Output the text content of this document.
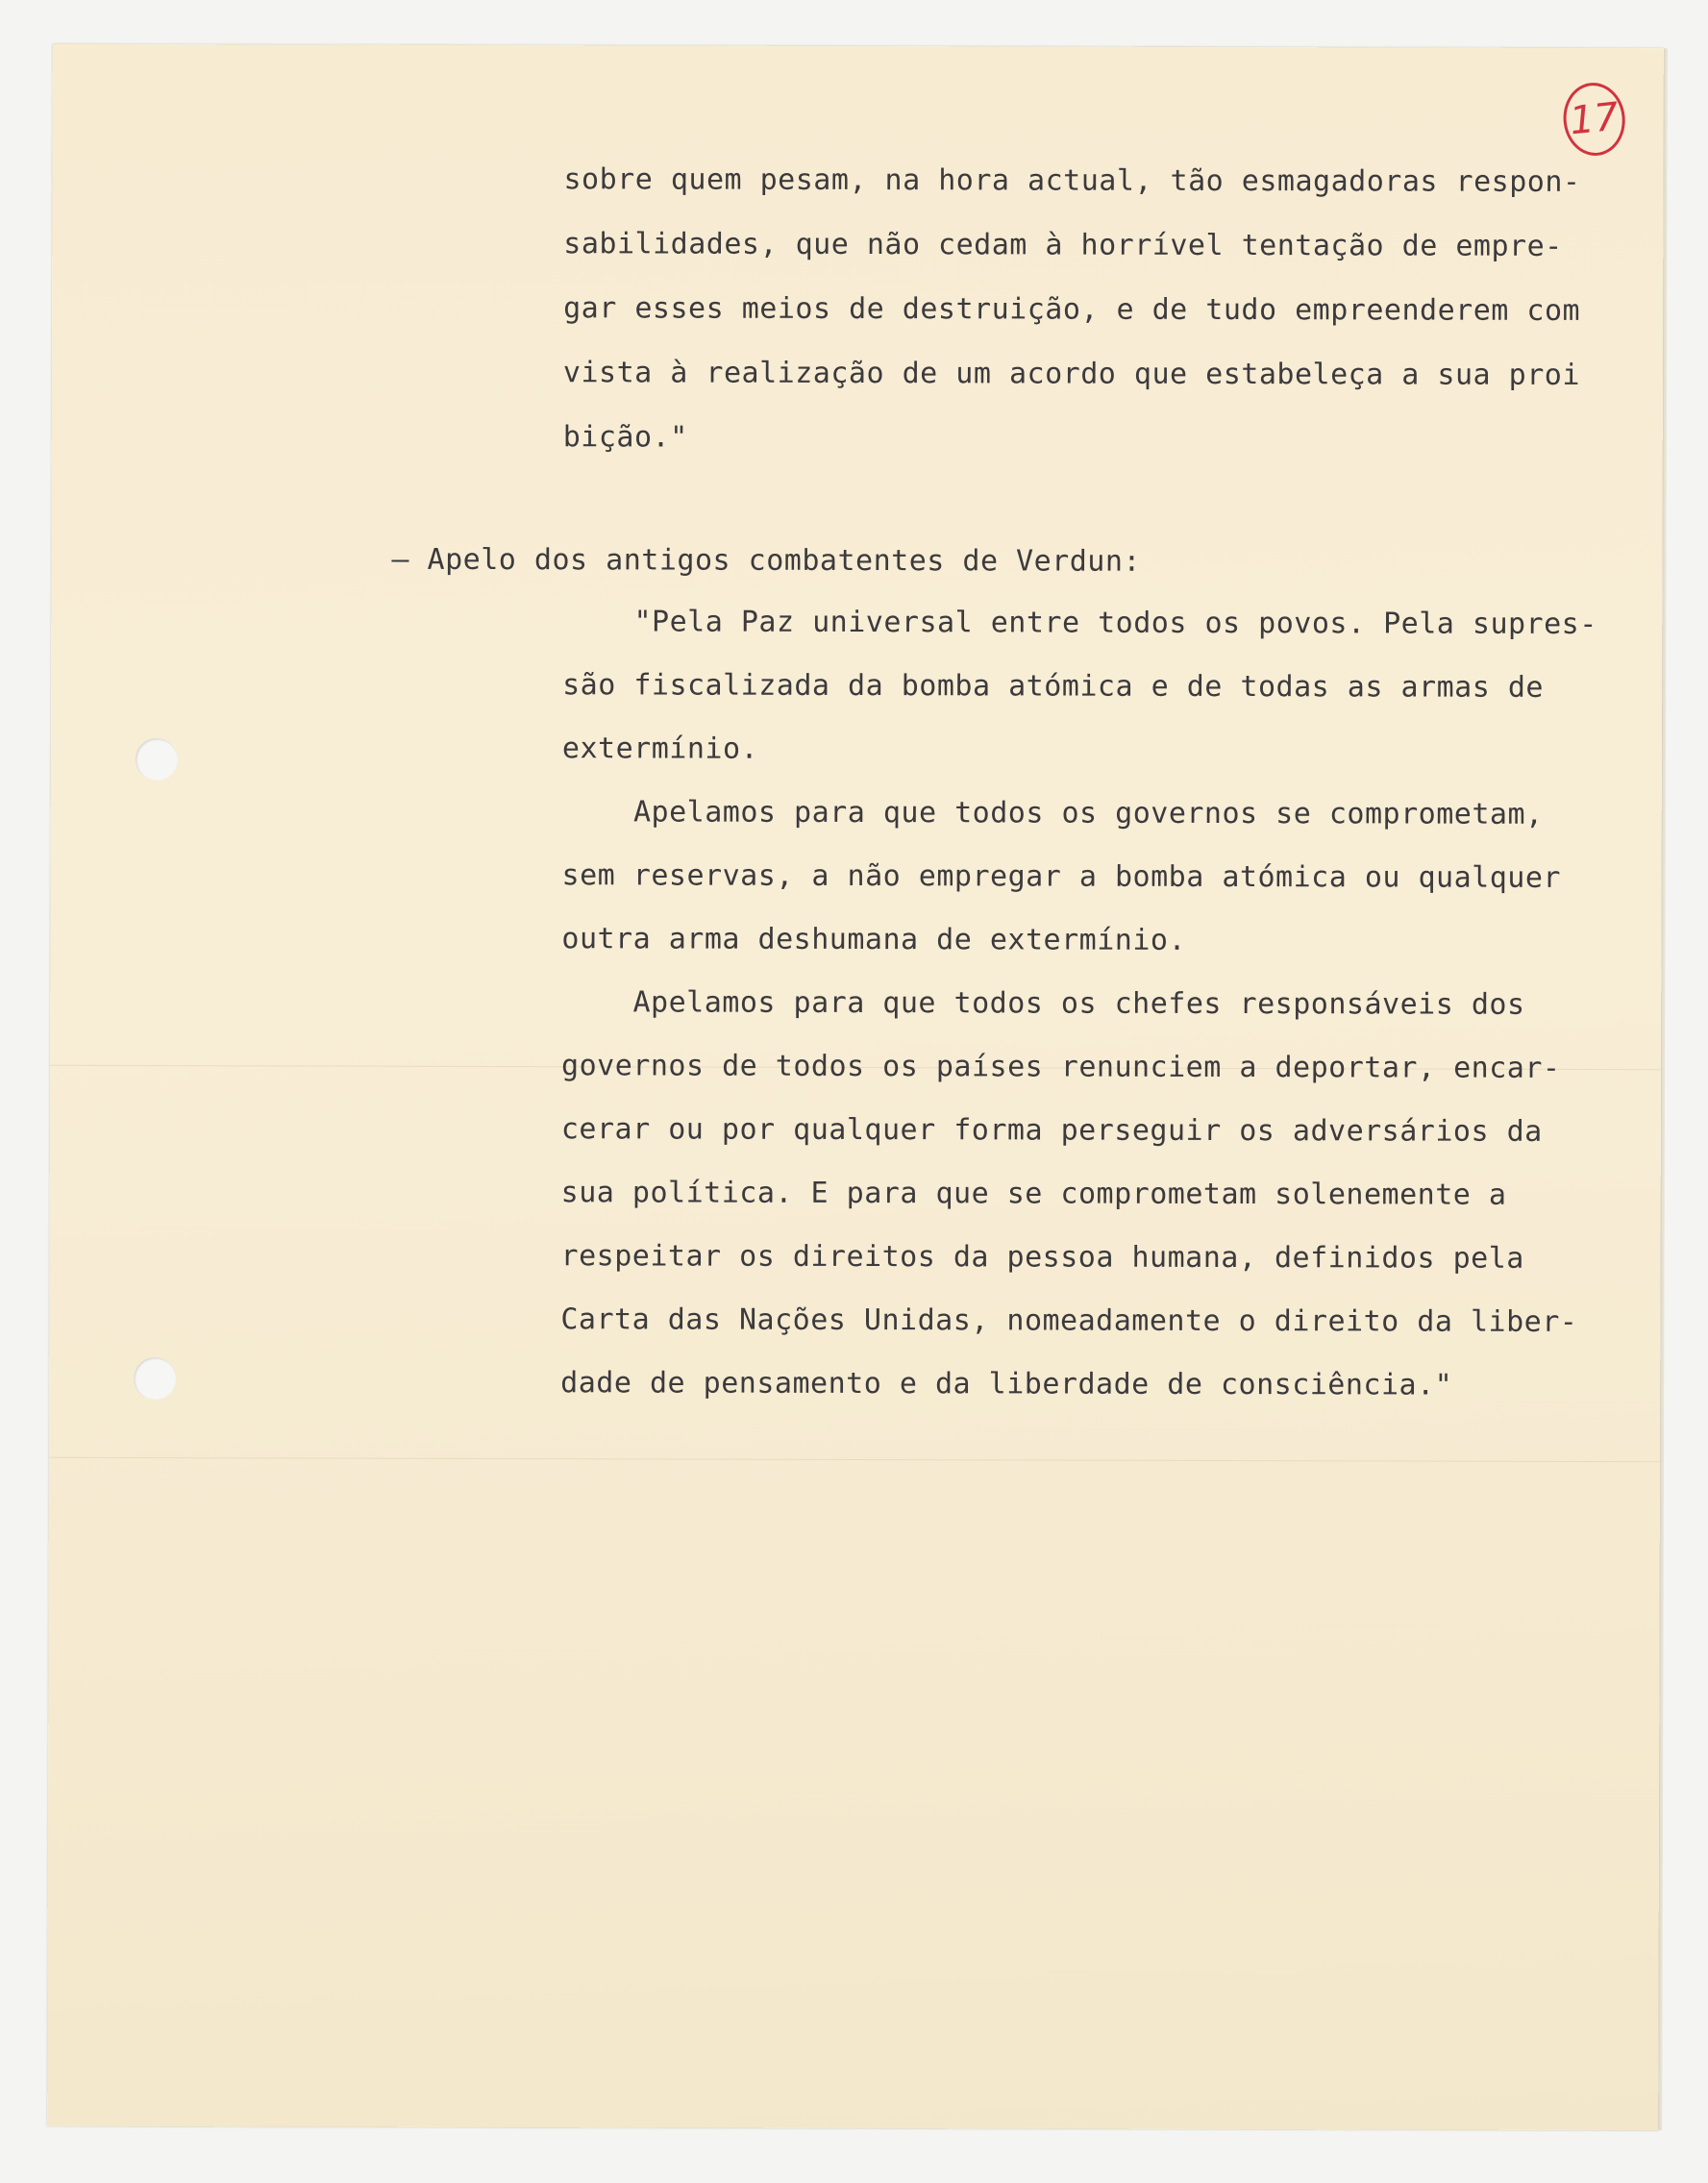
17

sobre quem pesam, na hora actual, tão esmagadoras respon-

sabilidades, que não cedam à horrível tentação de empre-

gar esses meios de destruição, e de tudo empreenderem com

vista à realização de um acordo que estabeleça a sua proi

bição."

— Apelo dos antigos combatentes de Verdun:

"Pela Paz universal entre todos os povos. Pela supres-

são fiscalizada da bomba atómica e de todas as armas de

extermínio.

Apelamos para que todos os governos se comprometam,

sem reservas, a não empregar a bomba atómica ou qualquer

outra arma deshumana de extermínio.

Apelamos para que todos os chefes responsáveis dos

governos de todos os países renunciem a deportar, encar-

cerar ou por qualquer forma perseguir os adversários da

sua política. E para que se comprometam solenemente a

respeitar os direitos da pessoa humana, definidos pela

Carta das Nações Unidas, nomeadamente o direito da liber-

dade de pensamento e da liberdade de consciência."
